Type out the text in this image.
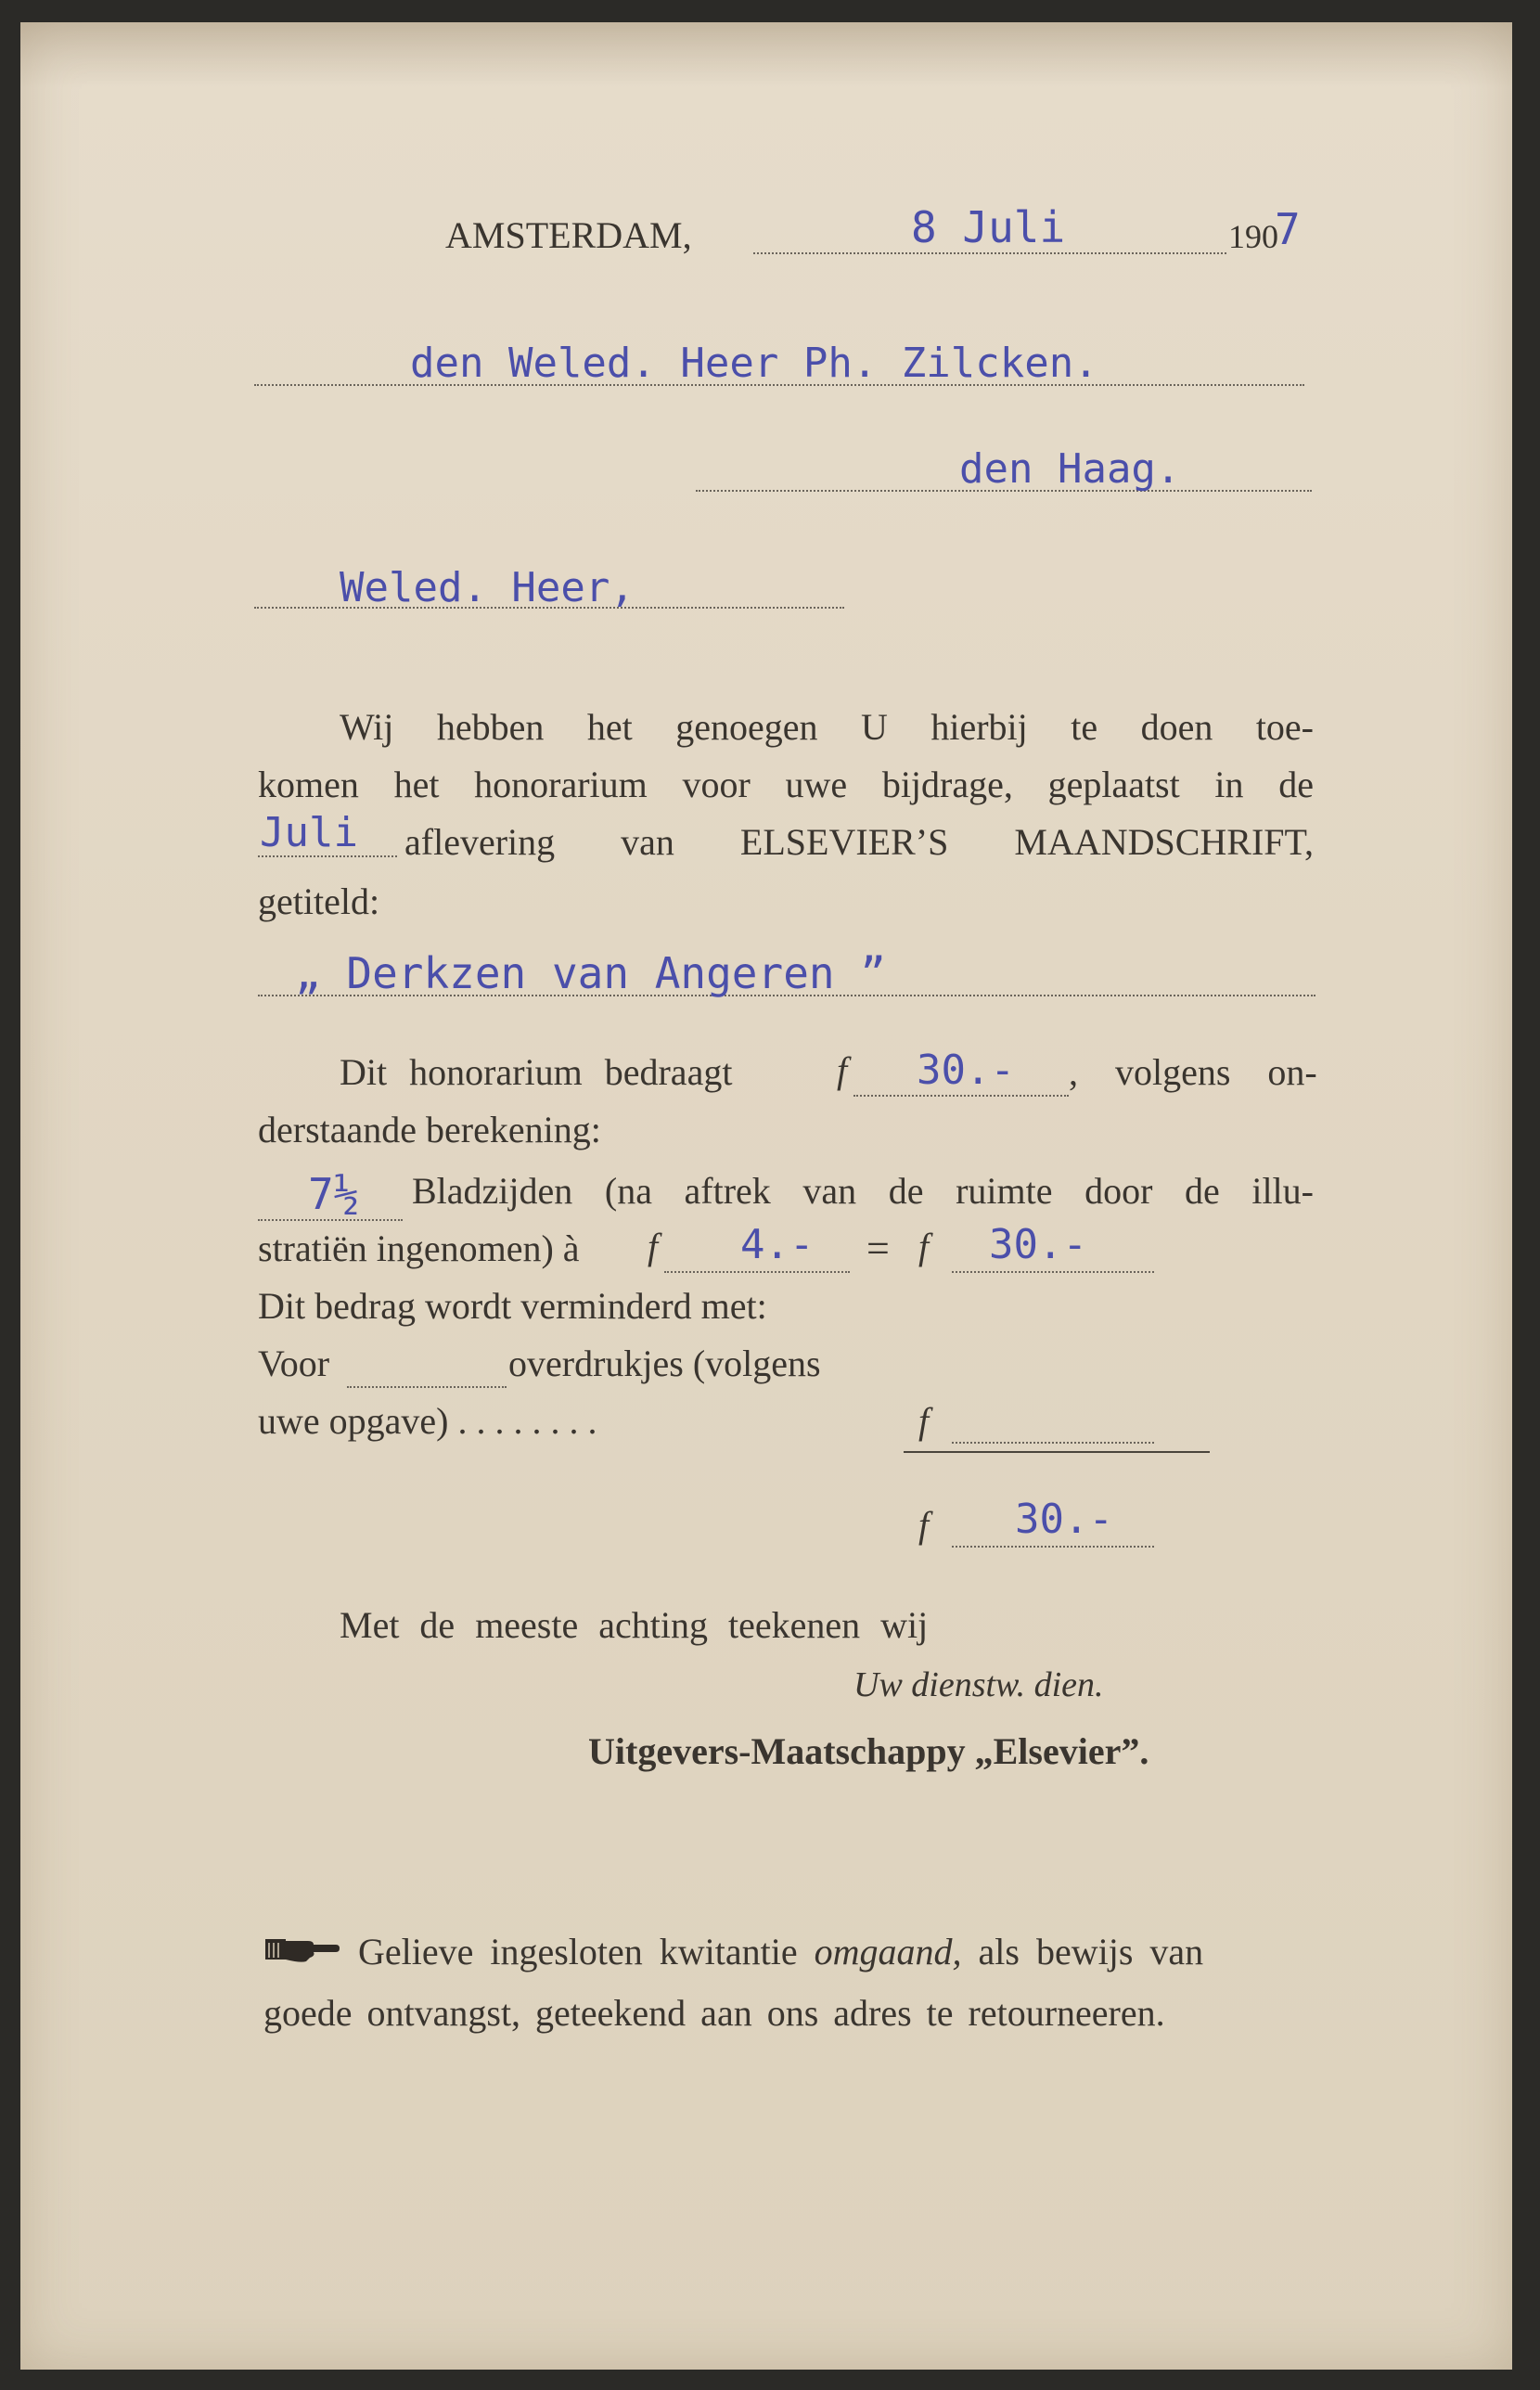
AMSTERDAM,	8 Juli	190
7
den Weled. Heer Ph. Zilcken.
den Haag.
Weled. Heer,
Wij hebben het genoegen U hierbij te doen toe-
komen het honorarium voor uwe bijdrage, geplaatst in de
Juli aflevering van ELSEVIER’S MAANDSCHRIFT,
getiteld:
„ Derkzen van Angeren ”
Dit honorarium bedraagt	f 30.- , volgens on-
derstaande berekening:
7½ Bladzijden (na aftrek van de ruimte door de illu-
stratiën ingenomen) à f 4.- = f 30.-
Dit bedrag wordt verminderd met:
Voor	overdrukjes (volgens
uwe opgave) . . . . . . . .	f
f 30.-
Met de meeste achting teekenen wij
Uw dienstw. dien.
Uitgevers-Maatschappy „Elsevier”.
Gelieve ingesloten kwitantie omgaand, als bewijs van
goede ontvangst, geteekend aan ons adres te retourneeren.
